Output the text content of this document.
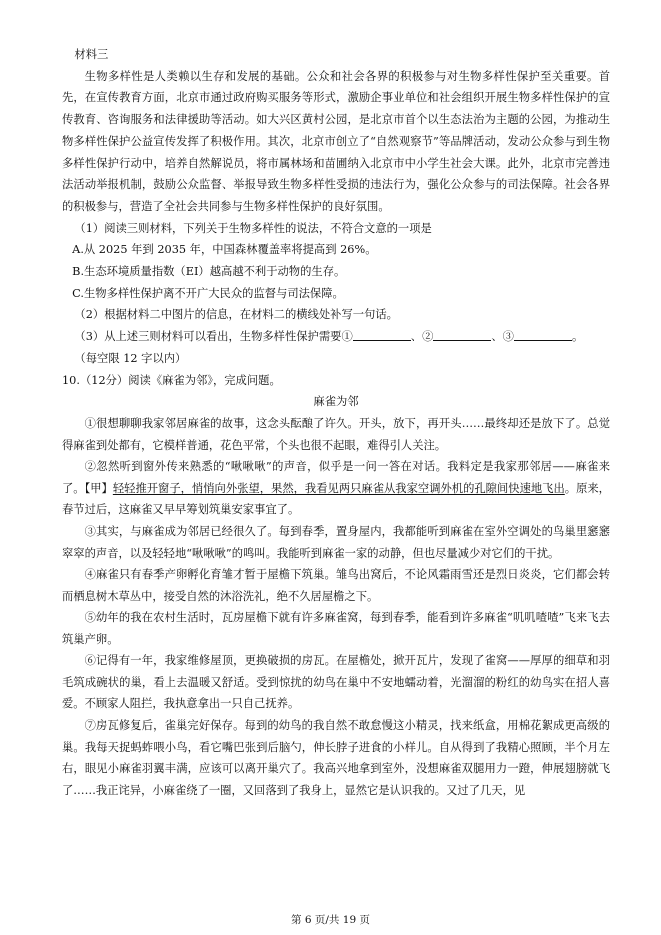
材料三

生物多样性是人类赖以生存和发展的基础。公众和社会各界的积极参与对生物多样性保护至关重要。首先，在宣传教育方面，北京市通过政府购买服务等形式，激励企事业单位和社会组织开展生物多样性保护的宣传教育、咨询服务和法律援助等活动。如大兴区黄村公园，是北京市首个以生态法治为主题的公园，为推动生物多样性保护公益宣传发挥了积极作用。其次，北京市创立了“自然观察节”等品牌活动，发动公众参与到生物多样性保护行动中，培养自然解说员，将市属林场和苗圃纳入北京市中小学生社会大课。此外，北京市完善违法活动举报机制，鼓励公众监督、举报导致生物多样性受损的违法行为，强化公众参与的司法保障。社会各界的积极参与，营造了全社会共同参与生物多样性保护的良好氛围。

（1）阅读三则材料，下列关于生物多样性的说法，不符合文意的一项是
A.从 2025 年到 2035 年，中国森林覆盖率将提高到 26%。
B.生态环境质量指数（EI）越高越不利于动物的生存。
C.生物多样性保护离不开广大民众的监督与司法保障。
（2）根据材料二中图片的信息，在材料二的横线处补写一句话。
（3）从上述三则材料可以看出，生物多样性保护需要①	、②	、③	。
（每空限 12 字以内）
10.（12分）阅读《麻雀为邻》，完成问题。
麻雀为邻

①很想聊聊我家邻居麻雀的故事，这念头酝酿了许久。开头，放下，再开头……最终却还是放下了。总觉得麻雀到处都有，它模样普通，花色平常，个头也很不起眼，难得引人关注。

②忽然听到窗外传来熟悉的“啾啾啾”的声音，似乎是一问一答在对话。我料定是我家那邻居——麻雀来了。【甲】轻轻推开窗子，悄悄向外张望，果然，我看见两只麻雀从我家空调外机的孔隙间快速地飞出。原来，春节过后，这麻雀又早早筹划筑巢安家事宜了。

③其实，与麻雀成为邻居已经很久了。每到春季，置身屋内，我都能听到麻雀在室外空调处的鸟巢里窸窸窣窣的声音，以及轻轻地“啾啾啾”的鸣叫。我能听到麻雀一家的动静，但也尽量减少对它们的干扰。

④麻雀只有春季产卵孵化育雏才暂于屋檐下筑巢。雏鸟出窝后，不论风霜雨雪还是烈日炎炎，它们都会转而栖息树木草丛中，接受自然的沐浴洗礼，绝不久居屋檐之下。

⑤幼年的我在农村生活时，瓦房屋檐下就有许多麻雀窝，每到春季，能看到许多麻雀“叽叽喳喳”飞来飞去筑巢产卵。

⑥记得有一年，我家维修屋顶，更换破损的房瓦。在屋檐处，掀开瓦片，发现了雀窝——厚厚的细草和羽毛筑成碗状的巢，看上去温暖又舒适。受到惊扰的幼鸟在巢中不安地蠕动着，光溜溜的粉红的幼鸟实在招人喜爱。不顾家人阻拦，我执意拿出一只自己抚养。

⑦房瓦修复后，雀巢完好保存。每到的幼鸟的我自然不敢怠慢这小精灵，找来纸盒，用棉花絮成更高级的巢。我每天捉蚂蚱喂小鸟，看它嘴巴张到后脑勺，伸长脖子进食的小样儿。自从得到了我精心照顾，半个月左右，眼见小麻雀羽翼丰满，应该可以离开巢穴了。我高兴地拿到室外，没想麻雀双腿用力一蹬，伸展翅膀就飞了……我正诧异，小麻雀绕了一圈，又回落到了我身上，显然它是认识我的。又过了几天，见

第 6 页/共 19 页
